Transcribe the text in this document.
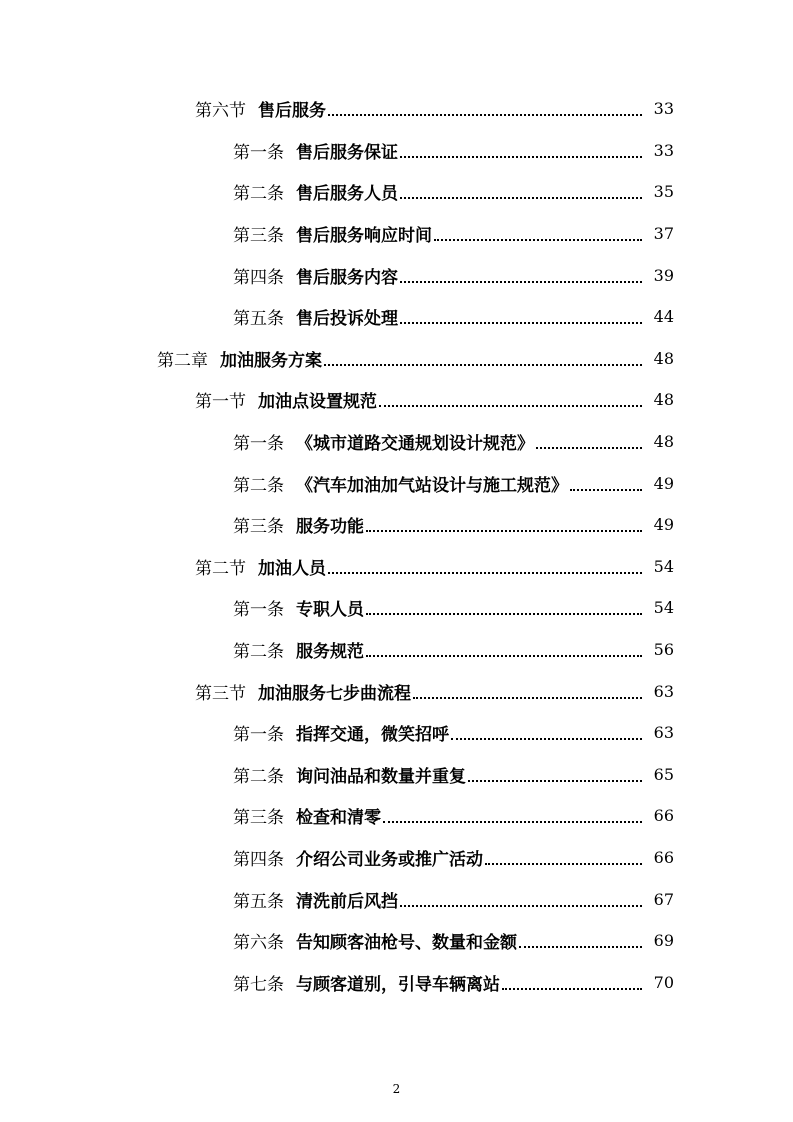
第六节 售后服务	33
第一条 售后服务保证	33
第二条 售后服务人员	35
第三条 售后服务响应时间	37
第四条 售后服务内容	39
第五条 售后投诉处理	44
第二章 加油服务方案	48
第一节 加油点设置规范	48
第一条 《城市道路交通规划设计规范》	48
第二条 《汽车加油加气站设计与施工规范》	49
第三条 服务功能	49
第二节 加油人员	54
第一条 专职人员	54
第二条 服务规范	56
第三节 加油服务七步曲流程	63
第一条 指挥交通，微笑招呼	63
第二条 询问油品和数量并重复	65
第三条 检查和清零	66
第四条 介绍公司业务或推广活动	66
第五条 清洗前后风挡	67
第六条 告知顾客油枪号、数量和金额	69
第七条 与顾客道别，引导车辆离站	70
2
